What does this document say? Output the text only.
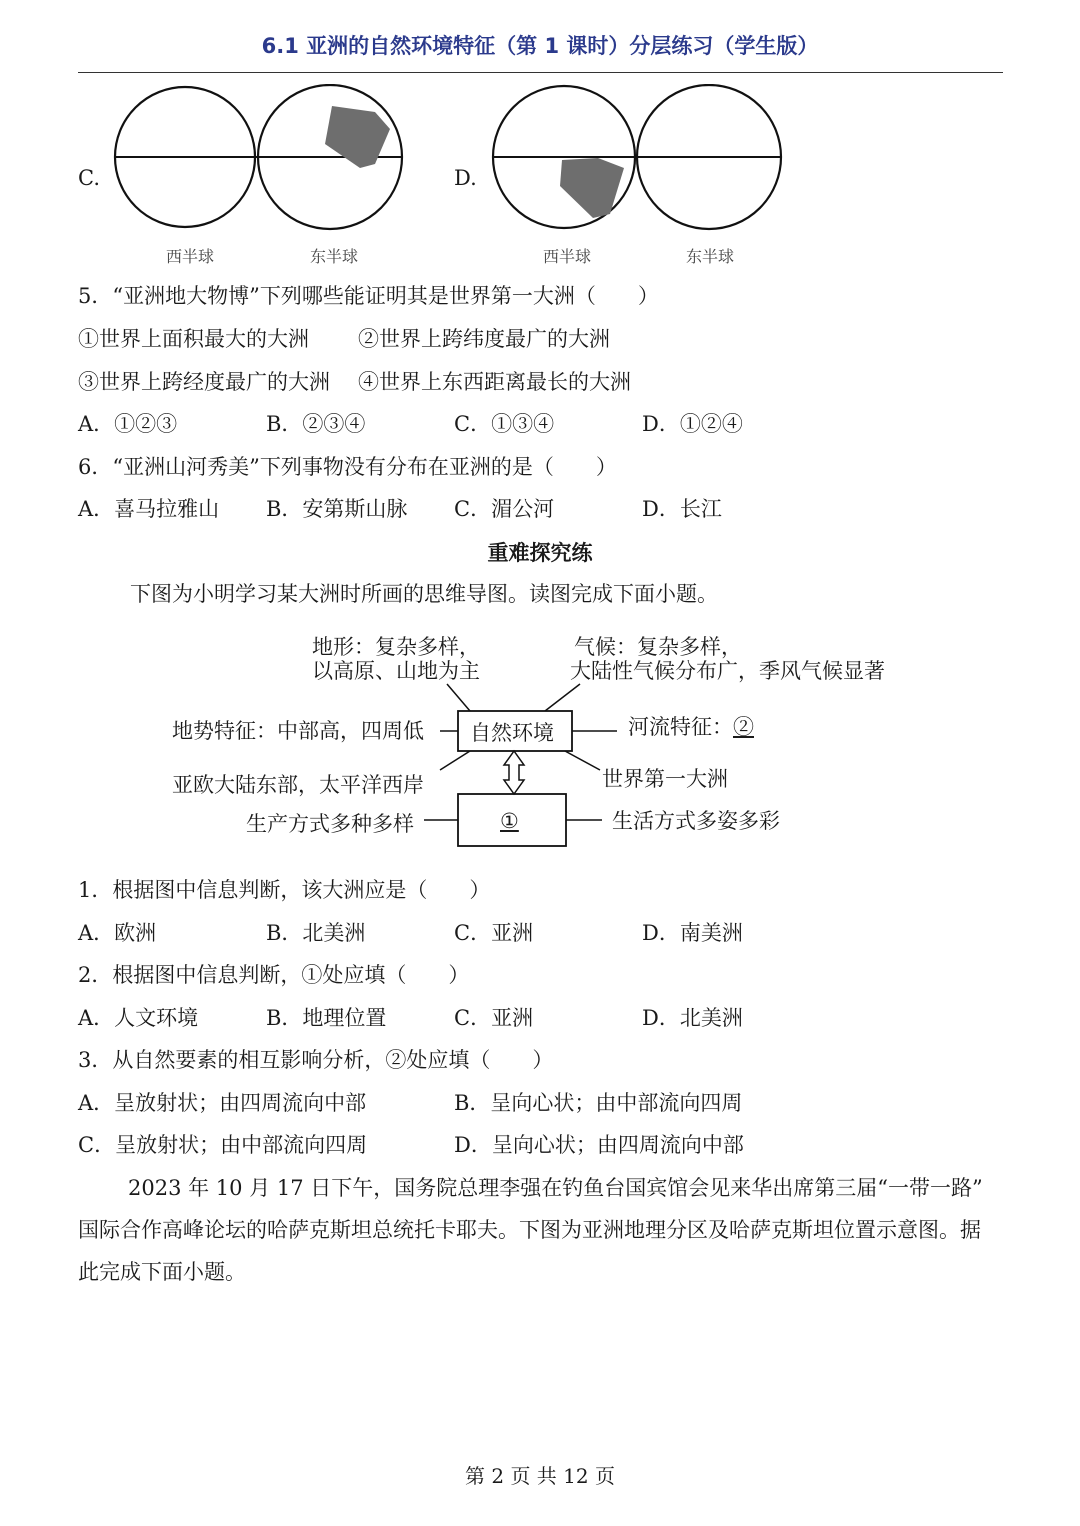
6.1 亚洲的自然环境特征（第 1 课时）分层练习（学生版）
C.
西半球	东半球
D.
西半球	东半球
5．“亚洲地大物博”下列哪些能证明其是世界第一大洲（　　）
①世界上面积最大的大洲 ②世界上跨纬度最广的大洲
③世界上跨经度最广的大洲 ④世界上东西距离最长的大洲
A．①②③	B．②③④	C．①③④	D．①②④
6．“亚洲山河秀美”下列事物没有分布在亚洲的是（　　）
A．喜马拉雅山 B．安第斯山脉 C．湄公河	D．长江
重难探究练
下图为小明学习某大洲时所画的思维导图。读图完成下面小题。
地形：复杂多样，
以高原、山地为主
气候：复杂多样，
大陆性气候分布广，季风气候显著
地势特征：中部高，四周低 自然环境	河流特征：②
亚欧大陆东部，太平洋西岸	世界第一大洲
①
生产方式多种多样	生活方式多姿多彩
1．根据图中信息判断，该大洲应是（　　）
A．欧洲	B．北美洲	C．亚洲	D．南美洲
2．根据图中信息判断，①处应填（　　）
A．人文环境	B．地理位置	C．亚洲	D．北美洲
3．从自然要素的相互影响分析，②处应填（　　）
A．呈放射状；由四周流向中部	B．呈向心状；由中部流向四周
C．呈放射状；由中部流向四周	D．呈向心状；由四周流向中部
2023 年 10 月 17 日下午，国务院总理李强在钓鱼台国宾馆会见来华出席第三届“一带一路”
国际合作高峰论坛的哈萨克斯坦总统托卡耶夫。下图为亚洲地理分区及哈萨克斯坦位置示意图。据
此完成下面小题。
第 2 页 共 12 页
